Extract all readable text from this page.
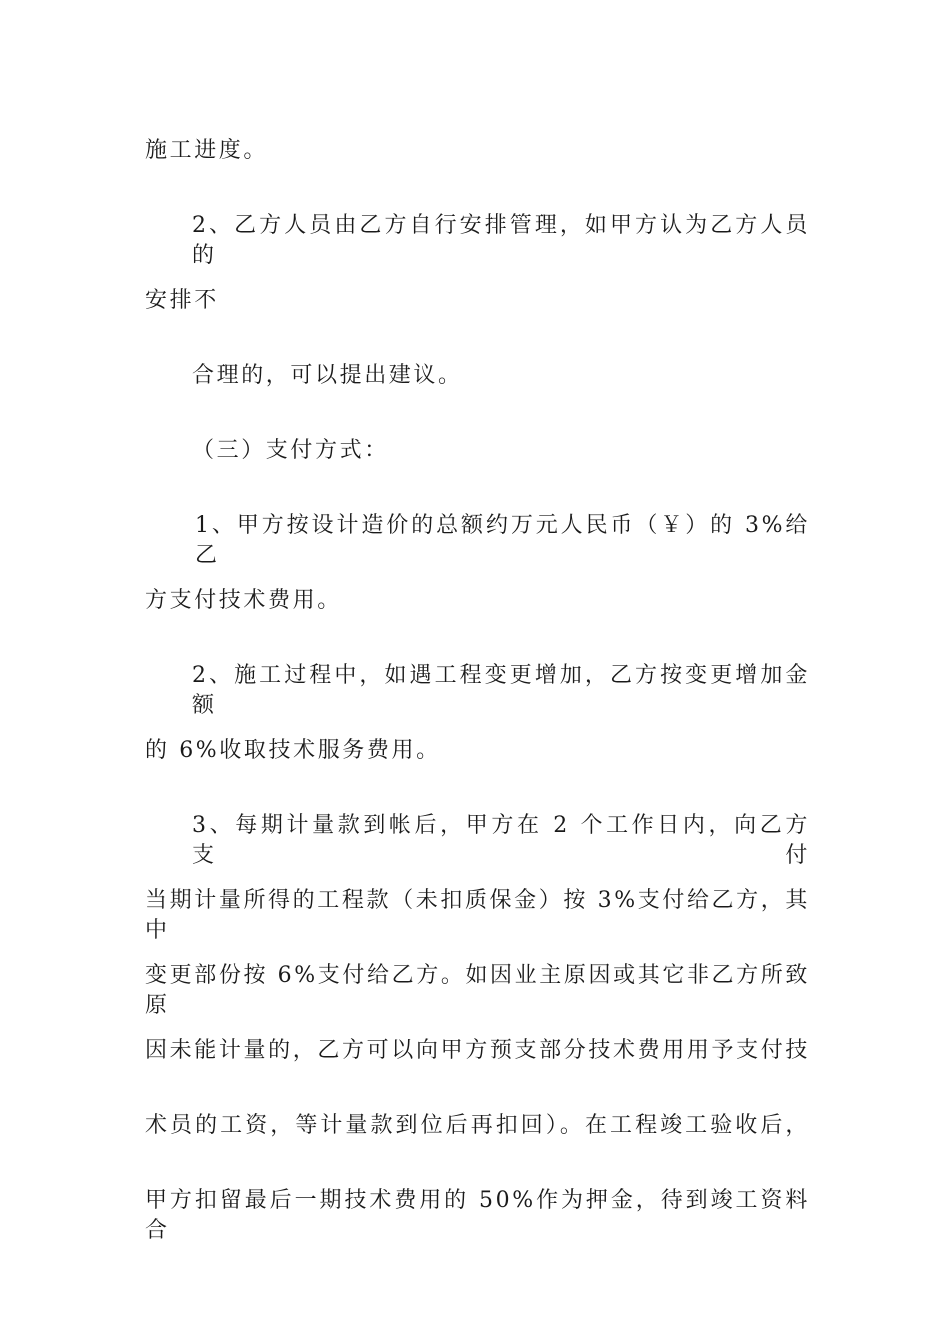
施工进度。
2、乙方人员由乙方自行安排管理，如甲方认为乙方人员的
安排不
合理的，可以提出建议。
（三）支付方式：
1、甲方按设计造价的总额约万元人民币（￥）的 3%给乙
方支付技术费用。
2、施工过程中，如遇工程变更增加，乙方按变更增加金额
的 6%收取技术服务费用。
3、每期计量款到帐后，甲方在 2 个工作日内，向乙方支付
当期计量所得的工程款（未扣质保金）按 3%支付给乙方，其中
变更部份按 6%支付给乙方。如因业主原因或其它非乙方所致原
因未能计量的，乙方可以向甲方预支部分技术费用用予支付技
术员的工资，等计量款到位后再扣回）。在工程竣工验收后，
甲方扣留最后一期技术费用的 50%作为押金，待到竣工资料合
